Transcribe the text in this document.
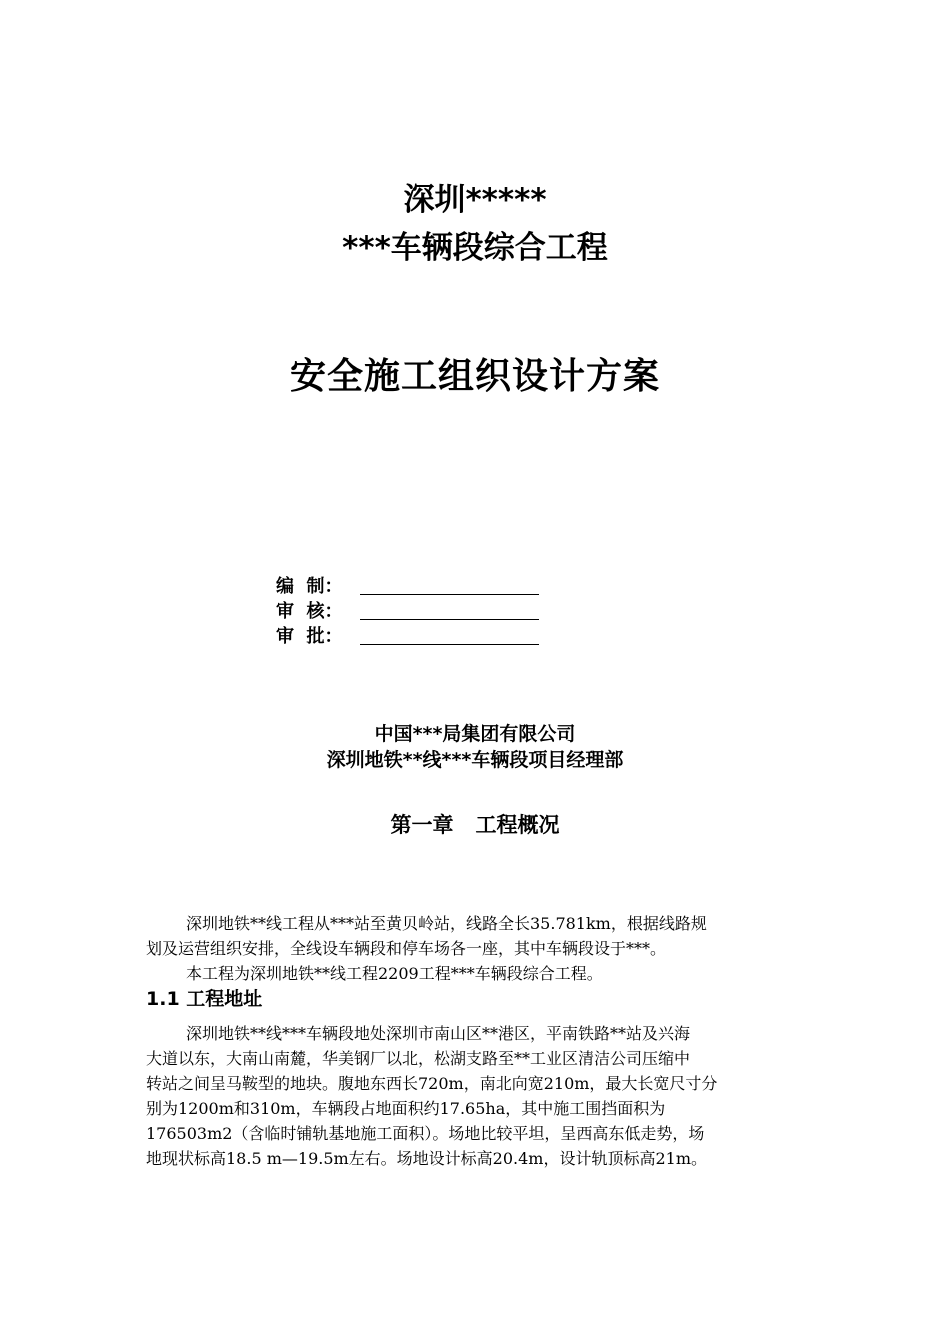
深圳*****
***车辆段综合工程
安全施工组织设计方案
编  制：
审  核：
审  批：
中国***局集团有限公司
深圳地铁**线***车辆段项目经理部
第一章   工程概况
深圳地铁**线工程从***站至黄贝岭站，线路全长35.781km，根据线路规
划及运营组织安排，全线设车辆段和停车场各一座，其中车辆段设于***。
本工程为深圳地铁**线工程2209工程***车辆段综合工程。
1.1 工程地址
深圳地铁**线***车辆段地处深圳市南山区**港区，平南铁路**站及兴海
大道以东，大南山南麓，华美钢厂以北，松湖支路至**工业区清洁公司压缩中
转站之间呈马鞍型的地块。腹地东西长720m，南北向宽210m，最大长宽尺寸分
别为1200m和310m，车辆段占地面积约17.65ha，其中施工围挡面积为
176503m2（含临时铺轨基地施工面积）。场地比较平坦，呈西高东低走势，场
地现状标高18.5 m—19.5m左右。场地设计标高20.4m，设计轨顶标高21m。
